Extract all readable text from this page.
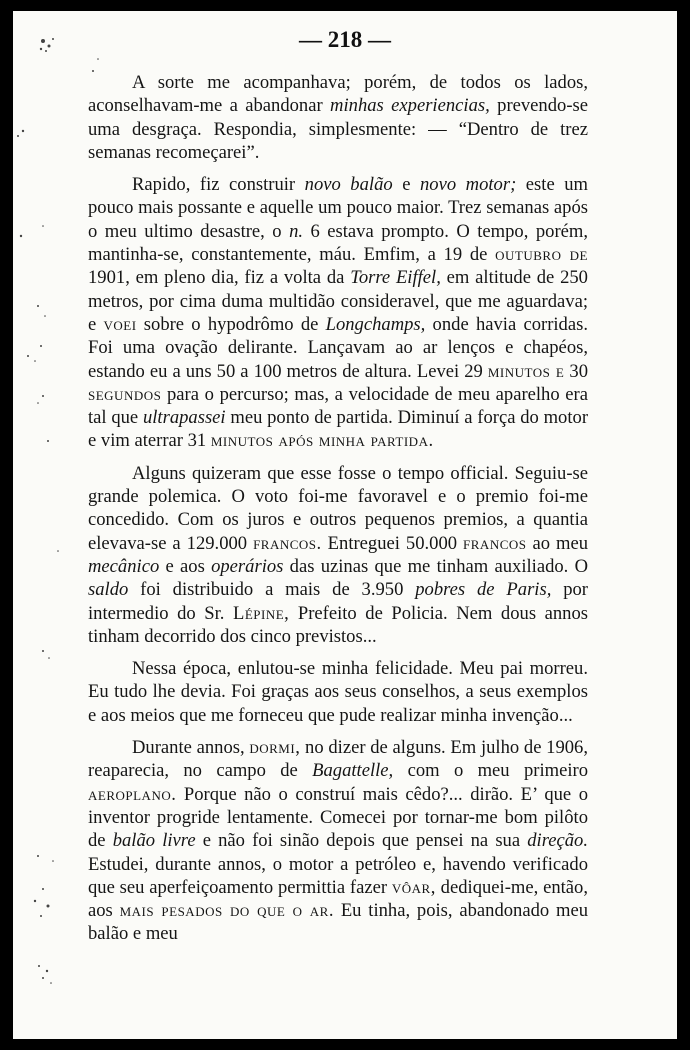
— 218 —

A sorte me acompanhava; porém, de todos os lados, aconselhavam-me a abandonar minhas experiencias, prevendo-se uma desgraça. Respondia, simplesmente: — “Dentro de trez semanas recomeçarei”.

Rapido, fiz construir novo balão e novo motor; este um pouco mais possante e aquelle um pouco maior. Trez semanas após o meu ultimo desastre, o n. 6 estava prompto. O tempo, porém, mantinha-se, constantemente, máu. Emfim, a 19 de outubro de 1901, em pleno dia, fiz a volta da Torre Eiffel, em altitude de 250 metros, por cima duma multidão consideravel, que me aguardava; e voei sobre o hypodrômo de Longchamps, onde havia corridas. Foi uma ovação delirante. Lançavam ao ar lenços e chapéos, estando eu a uns 50 a 100 metros de altura. Levei 29 minutos e 30 segundos para o percurso; mas, a velocidade de meu aparelho era tal que ultrapassei meu ponto de partida. Diminuí a força do motor e vim aterrar 31 minutos após minha partida.

Alguns quizeram que esse fosse o tempo official. Seguiu-se grande polemica. O voto foi-me favoravel e o premio foi-me concedido. Com os juros e outros pequenos premios, a quantia elevava-se a 129.000 francos. Entreguei 50.000 francos ao meu mecânico e aos operários das uzinas que me tinham auxiliado. O saldo foi distribuido a mais de 3.950 pobres de Paris, por intermedio do Sr. Lépine, Prefeito de Policia. Nem dous annos tinham decorrido dos cinco previstos...

Nessa época, enlutou-se minha felicidade. Meu pai morreu. Eu tudo lhe devia. Foi graças aos seus conselhos, a seus exemplos e aos meios que me forneceu que pude realizar minha invenção...

Durante annos, dormi, no dizer de alguns. Em julho de 1906, reaparecia, no campo de Bagattelle, com o meu primeiro aeroplano. Porque não o construí mais cêdo?... dirão. E’ que o inventor progride lentamente. Comecei por tornar-me bom pilôto de balão livre e não foi sinão depois que pensei na sua direção. Estudei, durante annos, o motor a petróleo e, havendo verificado que seu aperfeiçoamento permittia fazer vôar, dediquei-me, então, aos mais pesados do que o ar. Eu tinha, pois, abandonado meu balão e meu
